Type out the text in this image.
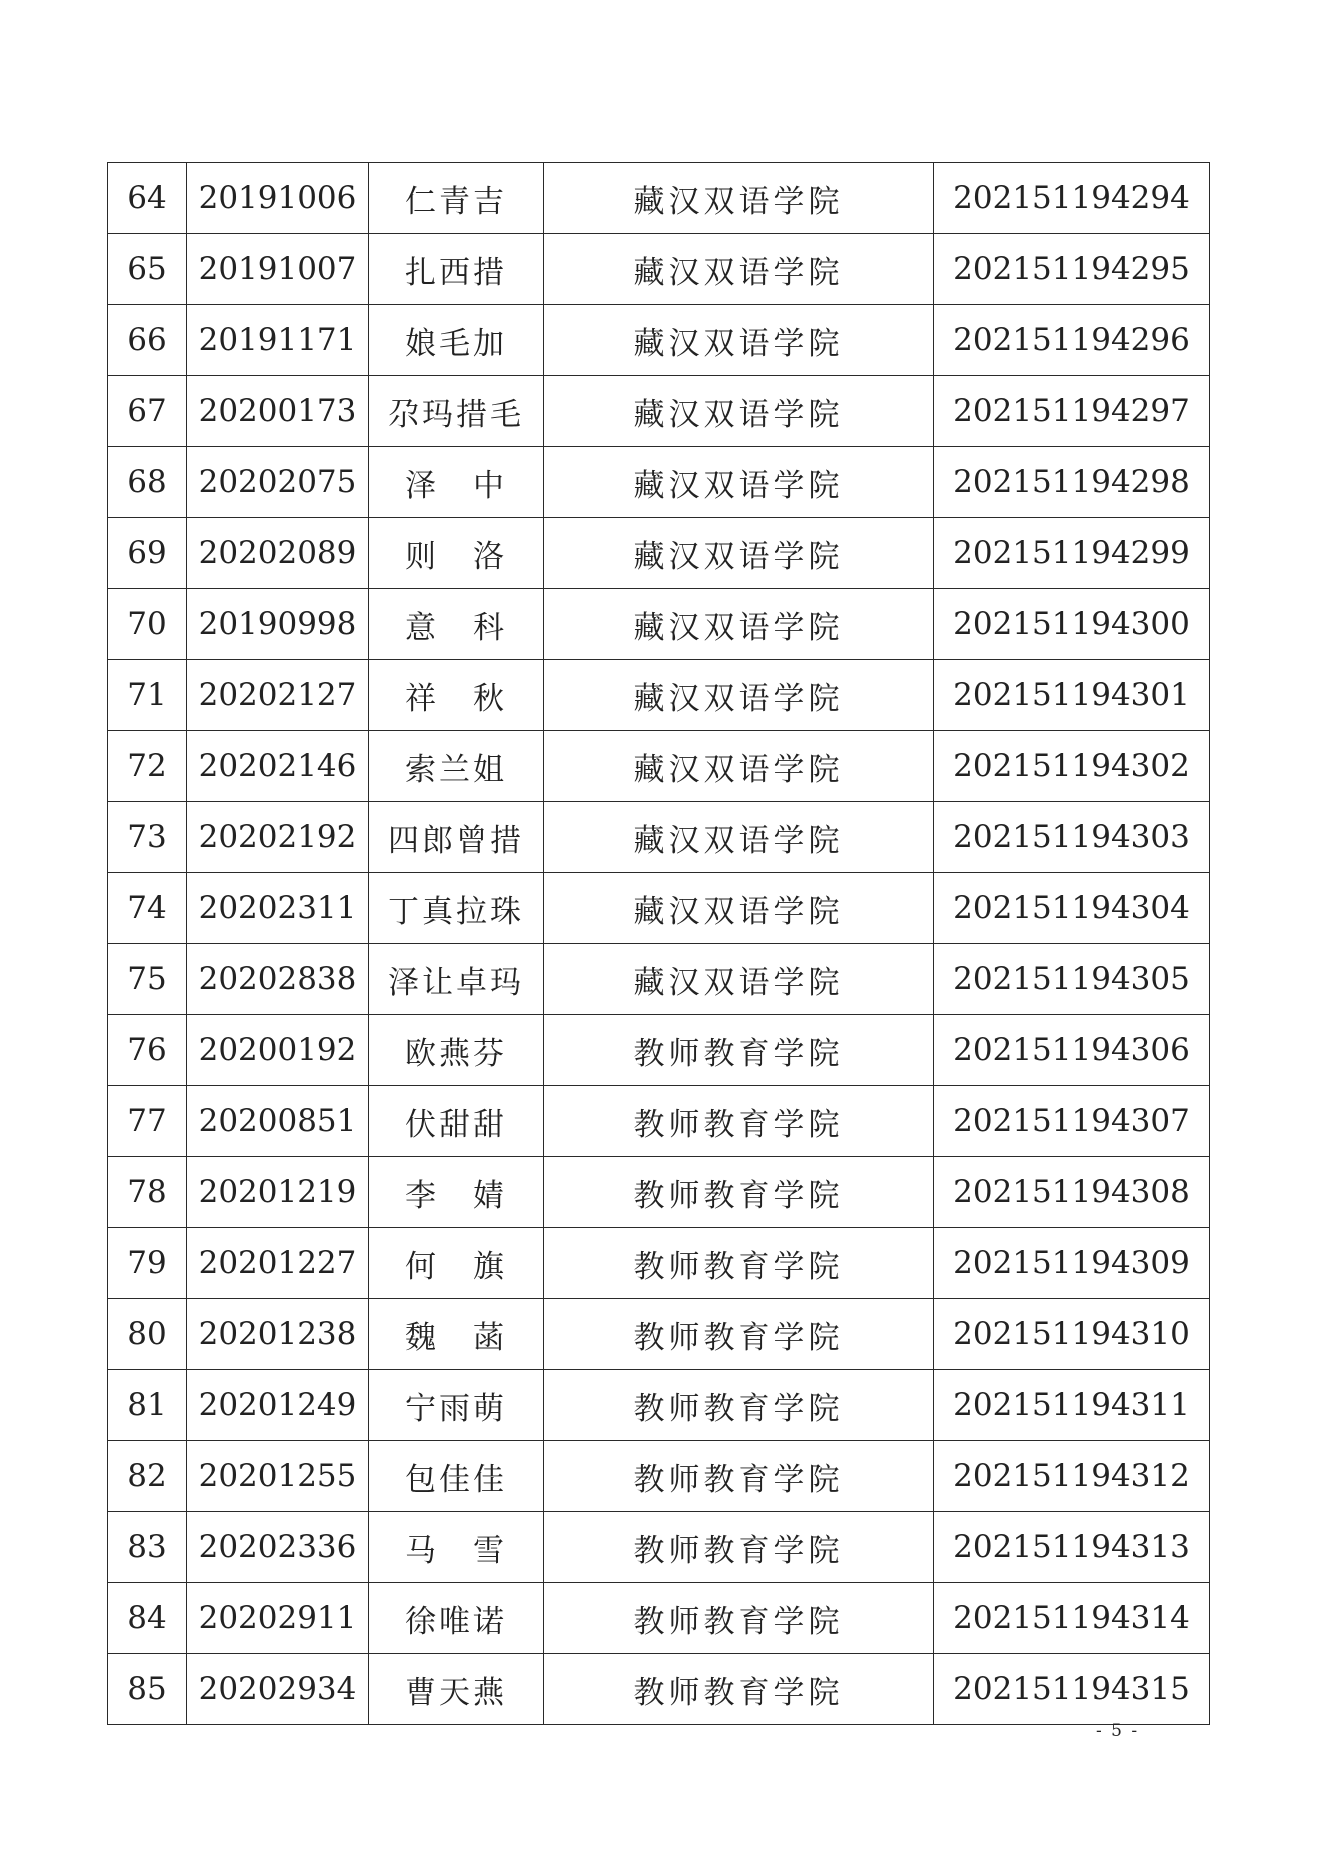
64	20191006	仁青吉	藏汉双语学院	202151194294
65	20191007	扎西措	藏汉双语学院	202151194295
66	20191171	娘毛加	藏汉双语学院	202151194296
67	20200173	尕玛措毛	藏汉双语学院	202151194297
68	20202075	泽　中	藏汉双语学院	202151194298
69	20202089	则　洛	藏汉双语学院	202151194299
70	20190998	意　科	藏汉双语学院	202151194300
71	20202127	祥　秋	藏汉双语学院	202151194301
72	20202146	索兰姐	藏汉双语学院	202151194302
73	20202192	四郎曾措	藏汉双语学院	202151194303
74	20202311	丁真拉珠	藏汉双语学院	202151194304
75	20202838	泽让卓玛	藏汉双语学院	202151194305
76	20200192	欧燕芬	教师教育学院	202151194306
77	20200851	伏甜甜	教师教育学院	202151194307
78	20201219	李　婧	教师教育学院	202151194308
79	20201227	何　旗	教师教育学院	202151194309
80	20201238	魏　菡	教师教育学院	202151194310
81	20201249	宁雨萌	教师教育学院	202151194311
82	20201255	包佳佳	教师教育学院	202151194312
83	20202336	马　雪	教师教育学院	202151194313
84	20202911	徐唯诺	教师教育学院	202151194314
85	20202934	曹天燕	教师教育学院	202151194315
- 5 -
